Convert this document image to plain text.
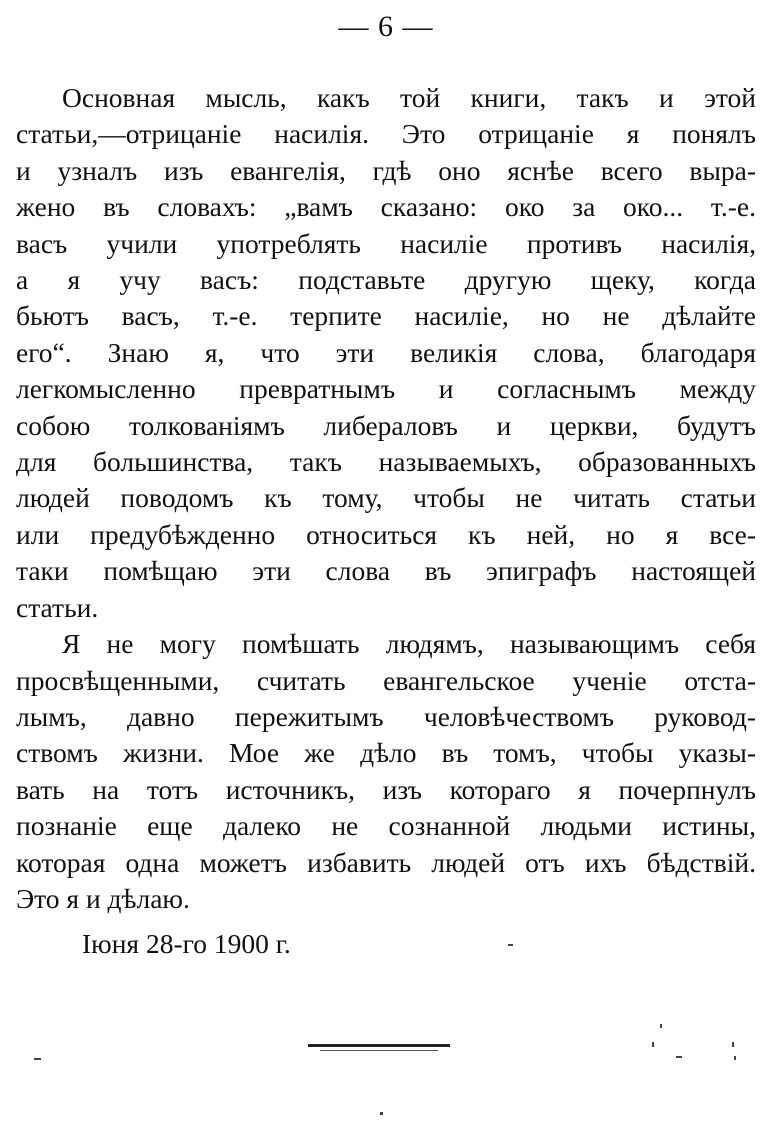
— 6 —
Основная мысль, какъ той книги, такъ и этой
статьи,—отрицаніе насилія. Это отрицаніе я понялъ
и узналъ изъ евангелія, гдѣ оно яснѣе всего выра-
жено въ словахъ: „вамъ сказано: око за око... т.-е.
васъ учили употреблять насиліе противъ насилія,
а я учу васъ: подставьте другую щеку, когда
бьютъ васъ, т.-е. терпите насиліе, но не дѣлайте
его“. Знаю я, что эти великія слова, благодаря
легкомысленно превратнымъ и согласнымъ между
собою толкованіямъ либераловъ и церкви, будутъ
для большинства, такъ называемыхъ, образованныхъ
людей поводомъ къ тому, чтобы не читать статьи
или предубѣжденно относиться къ ней, но я все-
таки помѣщаю эти слова въ эпиграфъ настоящей
статьи.
Я не могу помѣшать людямъ, называющимъ себя
просвѣщенными, считать евангельское ученіе отста-
лымъ, давно пережитымъ человѣчествомъ руковод-
ствомъ жизни. Мое же дѣло въ томъ, чтобы указы-
вать на тотъ источникъ, изъ котораго я почерпнулъ
познаніе еще далеко не сознанной людьми истины,
которая одна можетъ избавить людей отъ ихъ бѣдствій.
Это я и дѣлаю.
Іюня 28-го 1900 г.
